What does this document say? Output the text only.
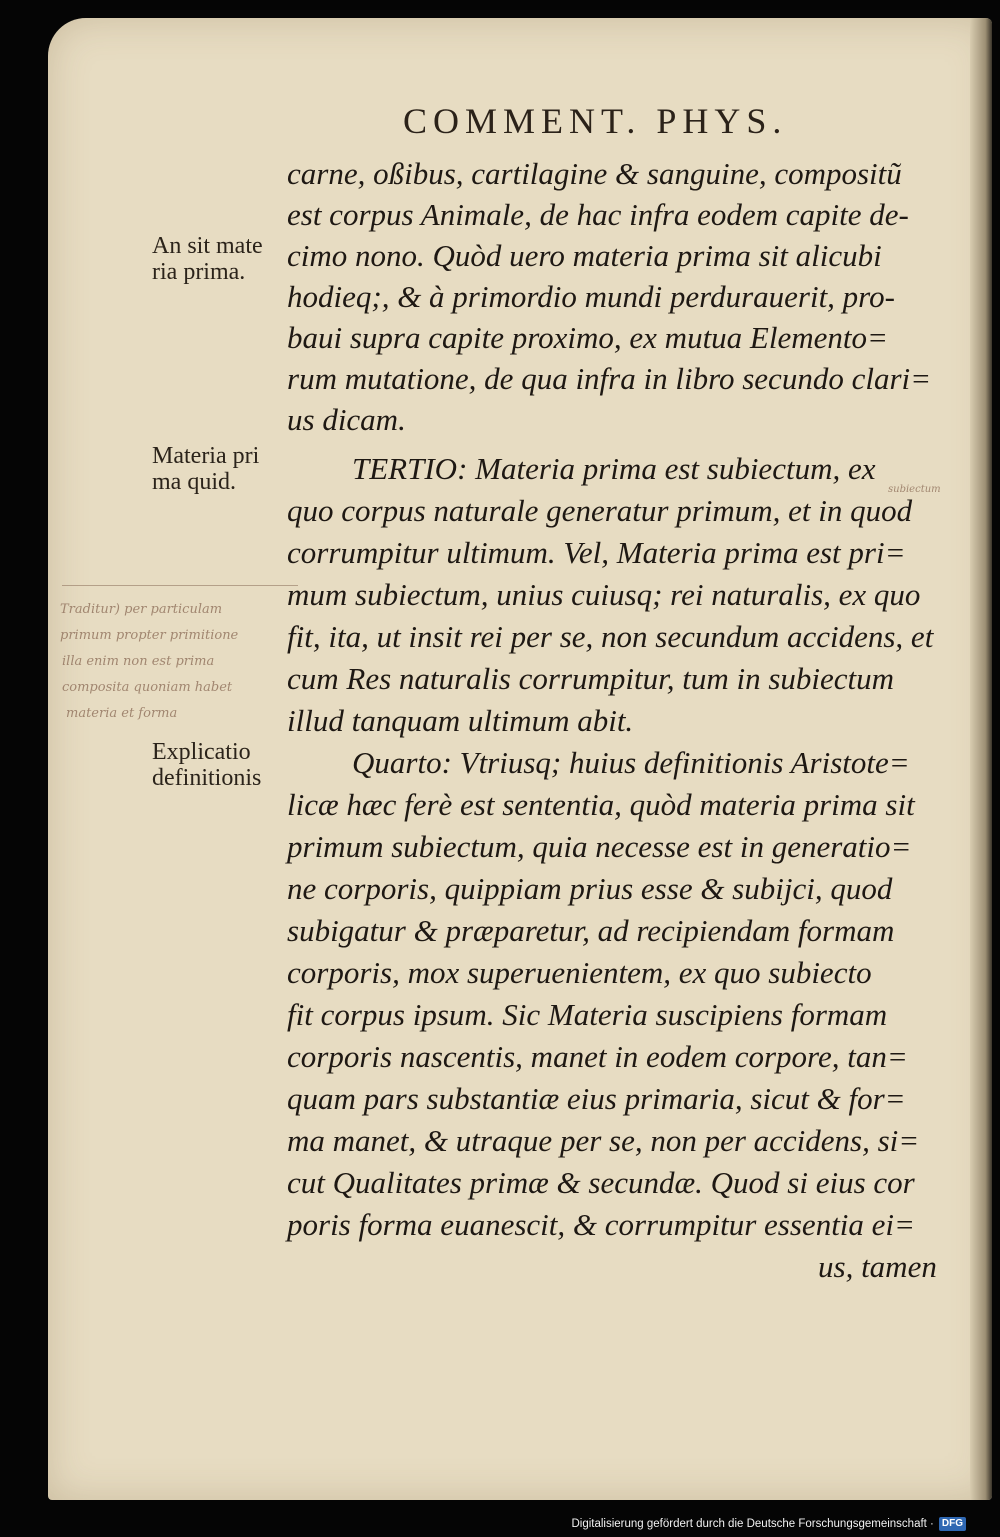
COMMENT. PHYS.
carne, oßibus, cartilagine & sanguine, compositũ
est corpus Animale, de hac infra eodem capite de-
cimo nono. Quòd uero materia prima sit alicubi
hodieq;, & à primordio mundi perdurauerit, pro-
baui supra capite proximo, ex mutua Elemento=
rum mutatione, de qua infra in libro secundo clari=
us dicam.
TERTIO: Materia prima est subiectum, ex
quo corpus naturale generatur primum, et in quod
corrumpitur ultimum. Vel, Materia prima est pri=
mum subiectum, unius cuiusq; rei naturalis, ex quo
fit, ita, ut insit rei per se, non secundum accidens, et
cum Res naturalis corrumpitur, tum in subiectum
illud tanquam ultimum abit.
Quarto: Vtriusq; huius definitionis Aristote=
licæ hæc ferè est sententia, quòd materia prima sit
primum subiectum, quia necesse est in generatio=
ne corporis, quippiam prius esse & subijci, quod
subigatur & præparetur, ad recipiendam formam
corporis, mox superuenientem, ex quo subiecto
fit corpus ipsum. Sic Materia suscipiens formam
corporis nascentis, manet in eodem corpore, tan=
quam pars substantiæ eius primaria, sicut & for=
ma manet, & utraque per se, non per accidens, si=
cut Qualitates primæ & secundæ. Quod si eius cor
poris forma euanescit, & corrumpitur essentia ei=
us, tamen
An sit mate
ria prima.
Materia pri
ma quid.
Explicatio
definitionis
Traditur) per particulam
primum propter primitione
illa enim non est prima
composita quoniam habet
materia et forma
subiectum
Digitalisierung gefördert durch die Deutsche Forschungsgemeinschaft · DFG
